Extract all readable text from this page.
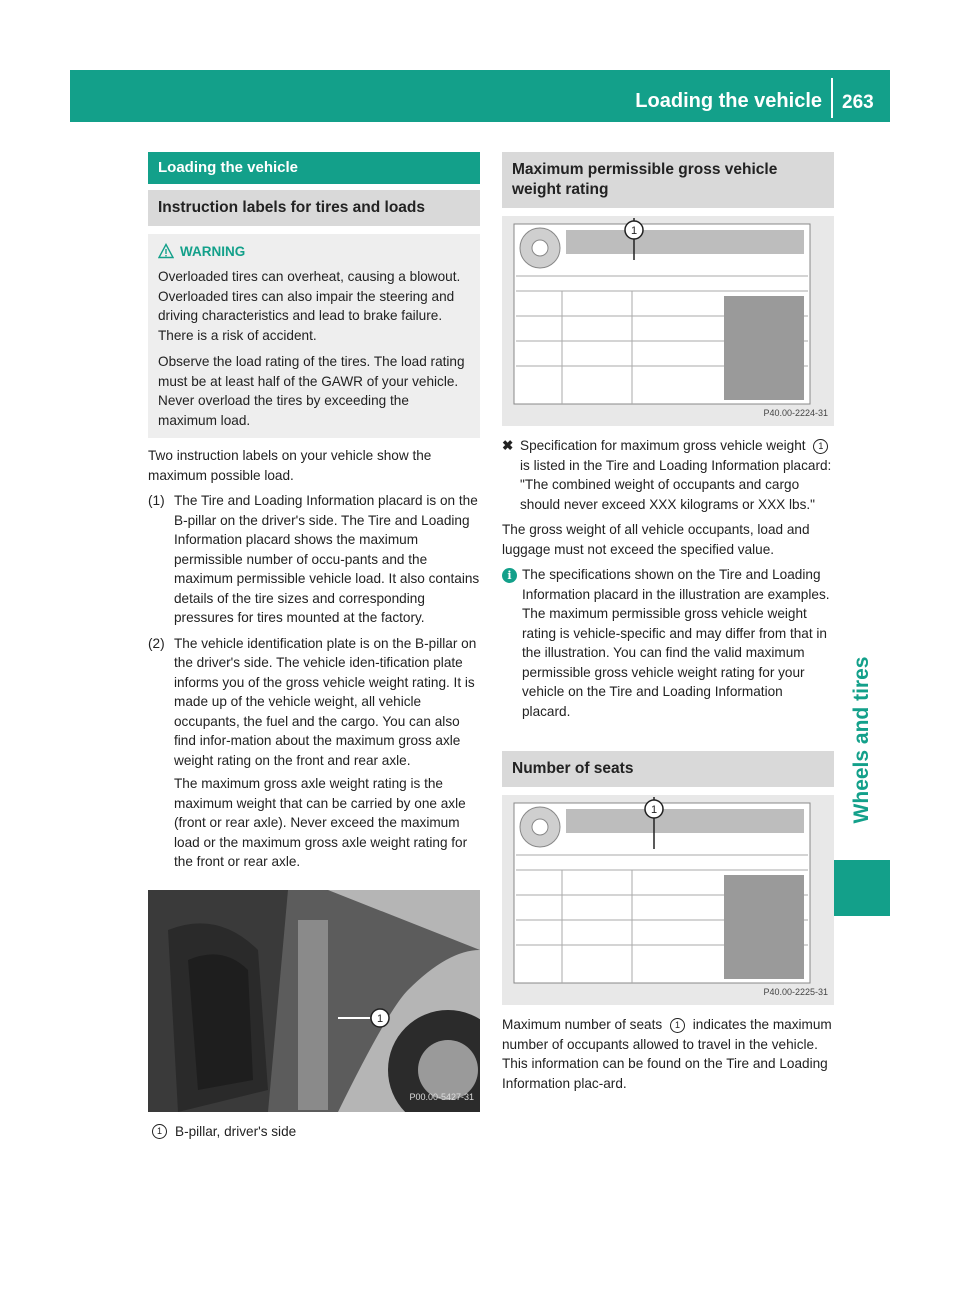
Loading the vehicle 263
Wheels and tires
Loading the vehicle
Instruction labels for tires and loads
WARNING

Overloaded tires can overheat, causing a blowout. Overloaded tires can also impair the steering and driving characteristics and lead to brake failure. There is a risk of accident.

Observe the load rating of the tires. The load rating must be at least half of the GAWR of your vehicle. Never overload the tires by exceeding the maximum load.

Two instruction labels on your vehicle show the maximum possible load.

(1) The Tire and Loading Information placard is on the B-pillar on the driver's side. The Tire and Loading Information placard shows the maximum permissible number of occu-pants and the maximum permissible vehicle load. It also contains details of the tire sizes and corresponding pressures for tires mounted at the factory.

(2) The vehicle identification plate is on the B-pillar on the driver's side. The vehicle iden-tification plate informs you of the gross vehicle weight rating. It is made up of the vehicle weight, all vehicle occupants, the fuel and the cargo. You can also find infor-mation about the maximum gross axle weight rating on the front and rear axle.

The maximum gross axle weight rating is the maximum weight that can be carried by one axle (front or rear axle). Never exceed the maximum load or the maximum gross axle weight rating for the front or rear axle.

1
P00.00-5427-31
1 B-pillar, driver's side
Maximum permissible gross vehicle weight rating
1
P40.00-2224-31
✖ Specification for maximum gross vehicle weight 1 is listed in the Tire and Loading Information placard: "The combined weight of occupants and cargo should never exceed XXX kilograms or XXX lbs."

The gross weight of all vehicle occupants, load and luggage must not exceed the specified value.

i The specifications shown on the Tire and Loading Information placard in the illustration are examples. The maximum permissible gross vehicle weight rating is vehicle-specific and may differ from that in the illustration. You can find the valid maximum permissible gross vehicle weight rating for your vehicle on the Tire and Loading Information placard.
Number of seats
1
P40.00-2225-31

Maximum number of seats 1 indicates the maximum number of occupants allowed to travel in the vehicle. This information can be found on the Tire and Loading Information plac-ard.
